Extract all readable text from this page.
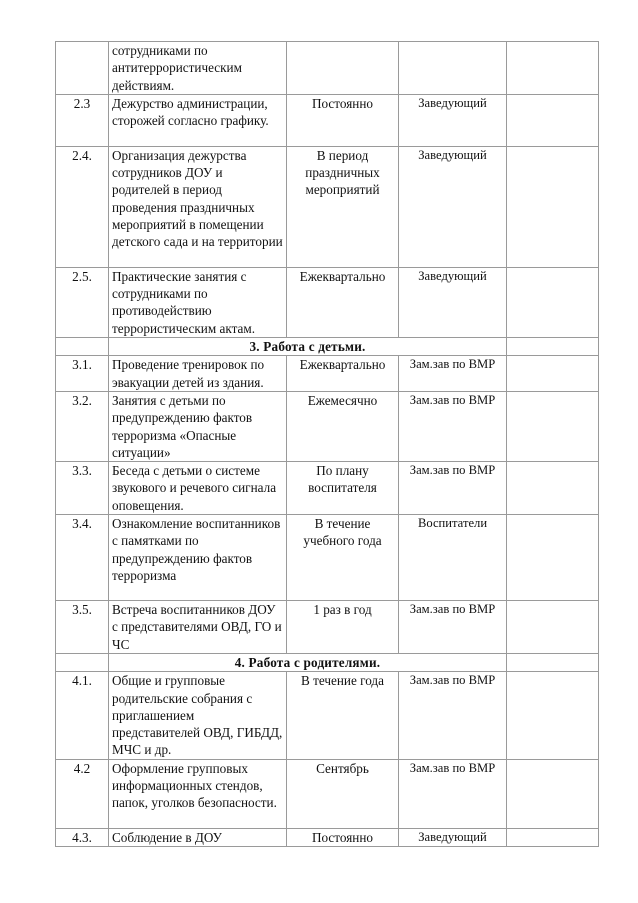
	сотрудниками по антитеррористическим действиям.			
2.3	Дежурство администрации, сторожей согласно графику.	Постоянно	Заведующий	
2.4.	Организация дежурства сотрудников ДОУ и родителей в период проведения праздничных мероприятий в помещении детского сада и на территории	В период праздничных мероприятий	Заведующий	
2.5.	Практические занятия с сотрудниками по противодействию террористическим актам.	Ежеквартально	Заведующий	
	3. Работа с детьми.			
3.1.	Проведение тренировок по эвакуации детей из здания.	Ежеквартально	Зам.зав по ВМР	
3.2.	Занятия с детьми по предупреждению фактов терроризма «Опасные ситуации»	Ежемесячно	Зам.зав по ВМР	
3.3.	Беседа с детьми о системе звукового и речевого сигнала оповещения.	По плану воспитателя	Зам.зав по ВМР	
3.4.	Ознакомление воспитанников с памятками по предупреждению фактов терроризма	В течение учебного года	Воспитатели	
3.5.	Встреча воспитанников ДОУ с представителями ОВД, ГО и ЧС	1 раз в год	Зам.зав по ВМР	
	4. Работа с родителями.			
4.1.	Общие и групповые родительские собрания с приглашением представителей ОВД, ГИБДД, МЧС и др.	В течение года	Зам.зав по ВМР	
4.2	Оформление групповых информационных стендов, папок, уголков безопасности.	Сентябрь	Зам.зав по ВМР	
4.3.	Соблюдение в ДОУ	Постоянно	Заведующий	
